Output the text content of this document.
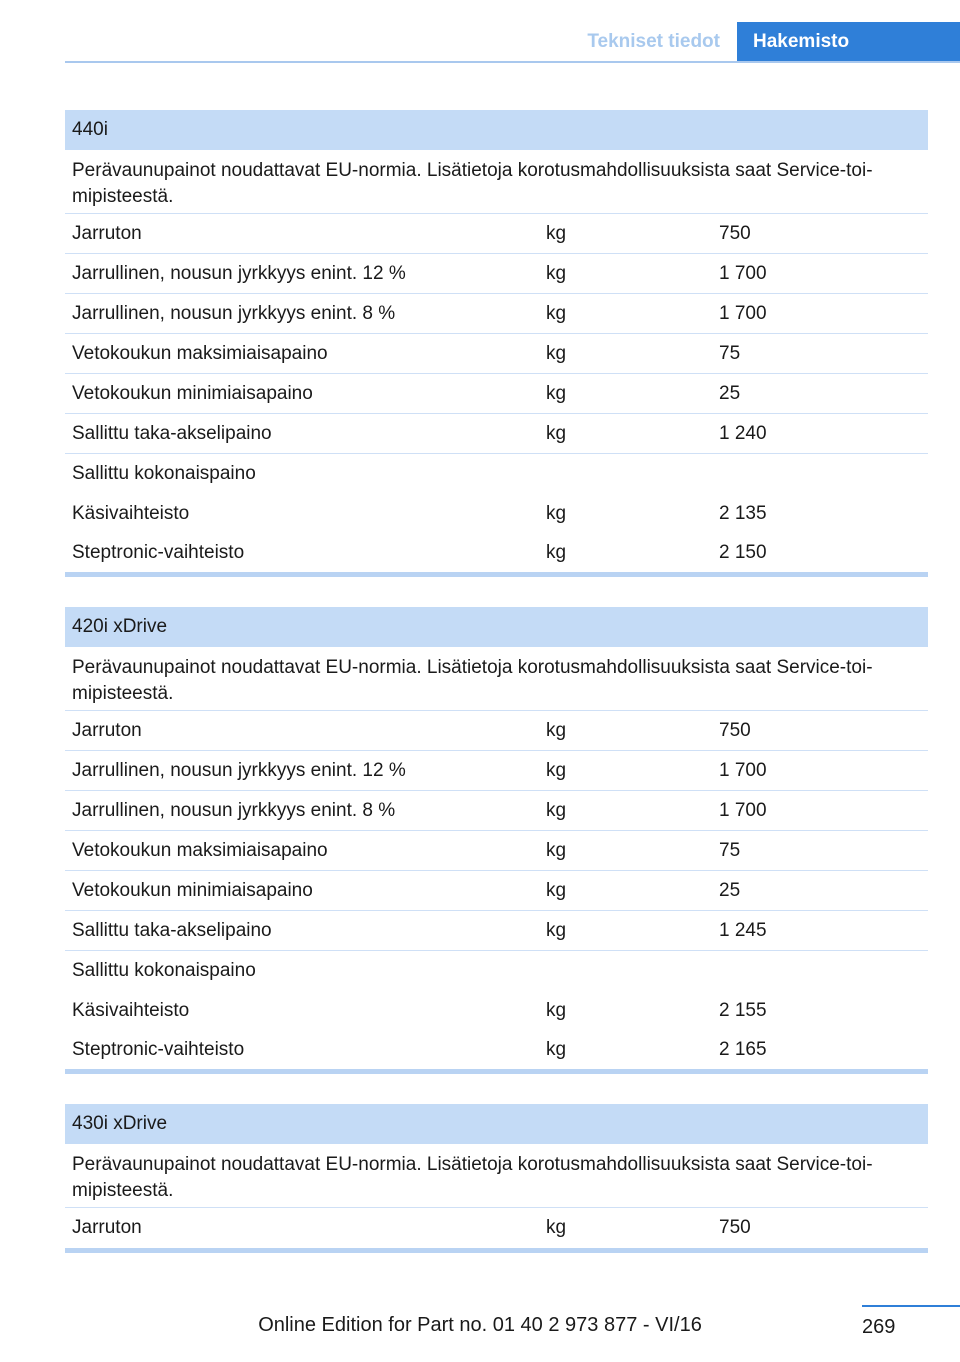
Tekniset tiedot	Hakemisto
440i
Perävaunupainot noudattavat EU-normia. Lisätietoja korotusmahdollisuuksista saat Service-toimipisteestä.
Jarruton	kg	750
Jarrullinen, nousun jyrkkyys enint. 12 %	kg	1 700
Jarrullinen, nousun jyrkkyys enint. 8 %	kg	1 700
Vetokoukun maksimiaisapaino	kg	75
Vetokoukun minimiaisapaino	kg	25
Sallittu taka-akselipaino	kg	1 240
Sallittu kokonaispaino
Käsivaihteisto	kg	2 135
Steptronic-vaihteisto	kg	2 150
420i xDrive
Perävaunupainot noudattavat EU-normia. Lisätietoja korotusmahdollisuuksista saat Service-toimipisteestä.
Jarruton	kg	750
Jarrullinen, nousun jyrkkyys enint. 12 %	kg	1 700
Jarrullinen, nousun jyrkkyys enint. 8 %	kg	1 700
Vetokoukun maksimiaisapaino	kg	75
Vetokoukun minimiaisapaino	kg	25
Sallittu taka-akselipaino	kg	1 245
Sallittu kokonaispaino
Käsivaihteisto	kg	2 155
Steptronic-vaihteisto	kg	2 165
430i xDrive
Perävaunupainot noudattavat EU-normia. Lisätietoja korotusmahdollisuuksista saat Service-toimipisteestä.
Jarruton	kg	750
269
Online Edition for Part no. 01 40 2 973 877 - VI/16
